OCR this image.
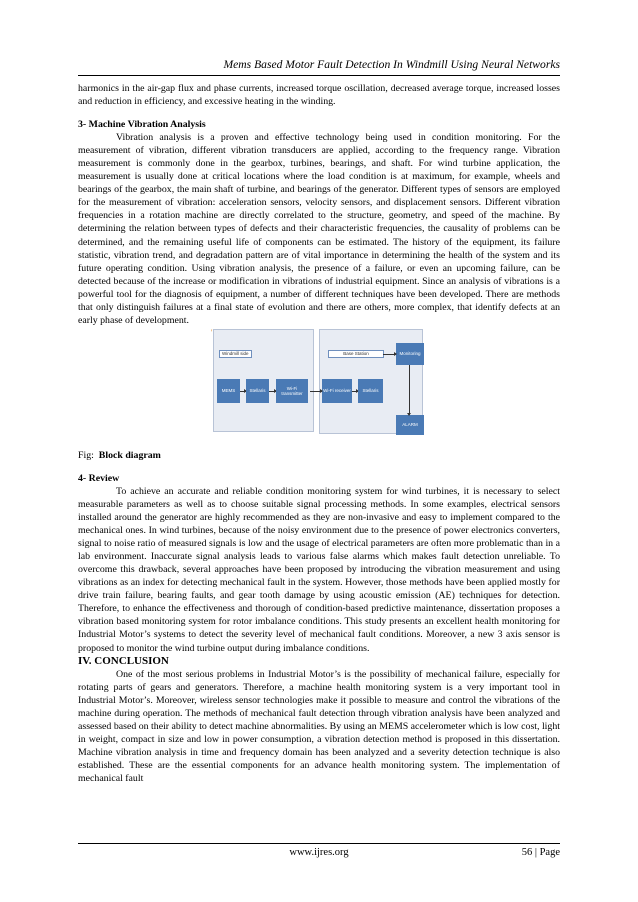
Mems Based Motor Fault Detection In Windmill Using Neural Networks

harmonics in the air-gap flux and phase currents, increased torque oscillation, decreased average torque, increased losses and reduction in efficiency, and excessive heating in the winding.

3- Machine Vibration Analysis

Vibration analysis is a proven and effective technology being used in condition monitoring. For the measurement of vibration, different vibration transducers are applied, according to the frequency range. Vibration measurement is commonly done in the gearbox, turbines, bearings, and shaft. For wind turbine application, the measurement is usually done at critical locations where the load condition is at maximum, for example, wheels and bearings of the gearbox, the main shaft of turbine, and bearings of the generator. Different types of sensors are employed for the measurement of vibration: acceleration sensors, velocity sensors, and displacement sensors. Different vibration frequencies in a rotation machine are directly correlated to the structure, geometry, and speed of the machine. By determining the relation between types of defects and their characteristic frequencies, the causality of problems can be determined, and the remaining useful life of components can be estimated. The history of the equipment, its failure statistic, vibration trend, and degradation pattern are of vital importance in determining the health of the system and its future operating condition. Using vibration analysis, the presence of a failure, or even an upcoming failure, can be detected because of the increase or modification in vibrations of industrial equipment. Since an analysis of vibrations is a powerful tool for the diagnosis of equipment, a number of different techniques have been developed. There are methods that only distinguish failures at a final state of evolution and there are others, more complex, that identify defects at an early phase of development.

'
Windmill side
MEMS	Stellaris	Wi-Fi transmitter
Base Station
Wi-Fi receiver	Stellaris
Monitoring
ALARM

Fig: Block diagram

4- Review

To achieve an accurate and reliable condition monitoring system for wind turbines, it is necessary to select measurable parameters as well as to choose suitable signal processing methods. In some examples, electrical sensors installed around the generator are highly recommended as they are non-invasive and easy to implement compared to the mechanical ones. In wind turbines, because of the noisy environment due to the presence of power electronics converters, signal to noise ratio of measured signals is low and the usage of electrical parameters are often more problematic than in a lab environment. Inaccurate signal analysis leads to various false alarms which makes fault detection unreliable. To overcome this drawback, several approaches have been proposed by introducing the vibration measurement and using vibrations as an index for detecting mechanical fault in the system. However, those methods have been applied mostly for drive train failure, bearing faults, and gear tooth damage by using acoustic emission (AE) techniques for detection. Therefore, to enhance the effectiveness and thorough of condition-based predictive maintenance, dissertation proposes a vibration based monitoring system for rotor imbalance conditions. This study presents an excellent health monitoring for Industrial Motor’s systems to detect the severity level of mechanical fault conditions. Moreover, a new 3 axis sensor is proposed to monitor the wind turbine output during imbalance conditions.

IV. CONCLUSION

One of the most serious problems in Industrial Motor’s is the possibility of mechanical failure, especially for rotating parts of gears and generators. Therefore, a machine health monitoring system is a very important tool in Industrial Motor’s. Moreover, wireless sensor technologies make it possible to measure and control the vibrations of the machine during operation. The methods of mechanical fault detection through vibration analysis have been analyzed and assessed based on their ability to detect machine abnormalities. By using an MEMS accelerometer which is low cost, light in weight, compact in size and low in power consumption, a vibration detection method is proposed in this dissertation. Machine vibration analysis in time and frequency domain has been analyzed and a severity detection technique is also established. These are the essential components for an advance health monitoring system. The implementation of mechanical fault

www.ijres.org	56 | Page
